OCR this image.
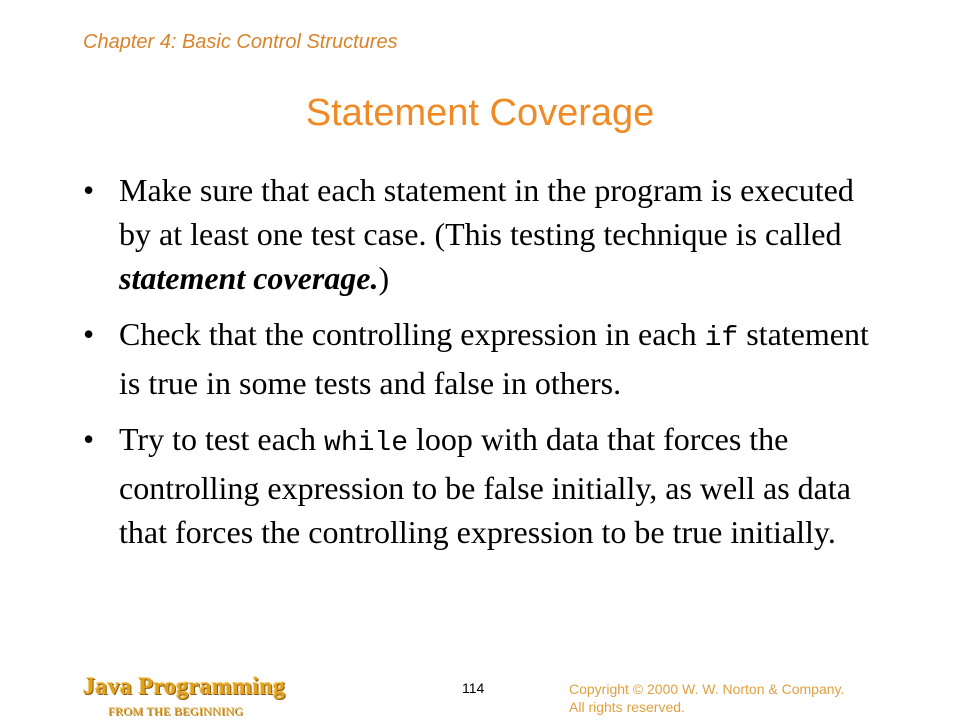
Chapter 4: Basic Control Structures

Statement Coverage
• Make sure that each statement in the program is executed by at least one test case. (This testing technique is called statement coverage.)
• Check that the controlling expression in each if statement is true in some tests and false in others.
• Try to test each while loop with data that forces the controlling expression to be false initially, as well as data that forces the controlling expression to be true initially.
Java Programming
FROM THE BEGINNING
114	Copyright © 2000 W. W. Norton & Company.
All rights reserved.
